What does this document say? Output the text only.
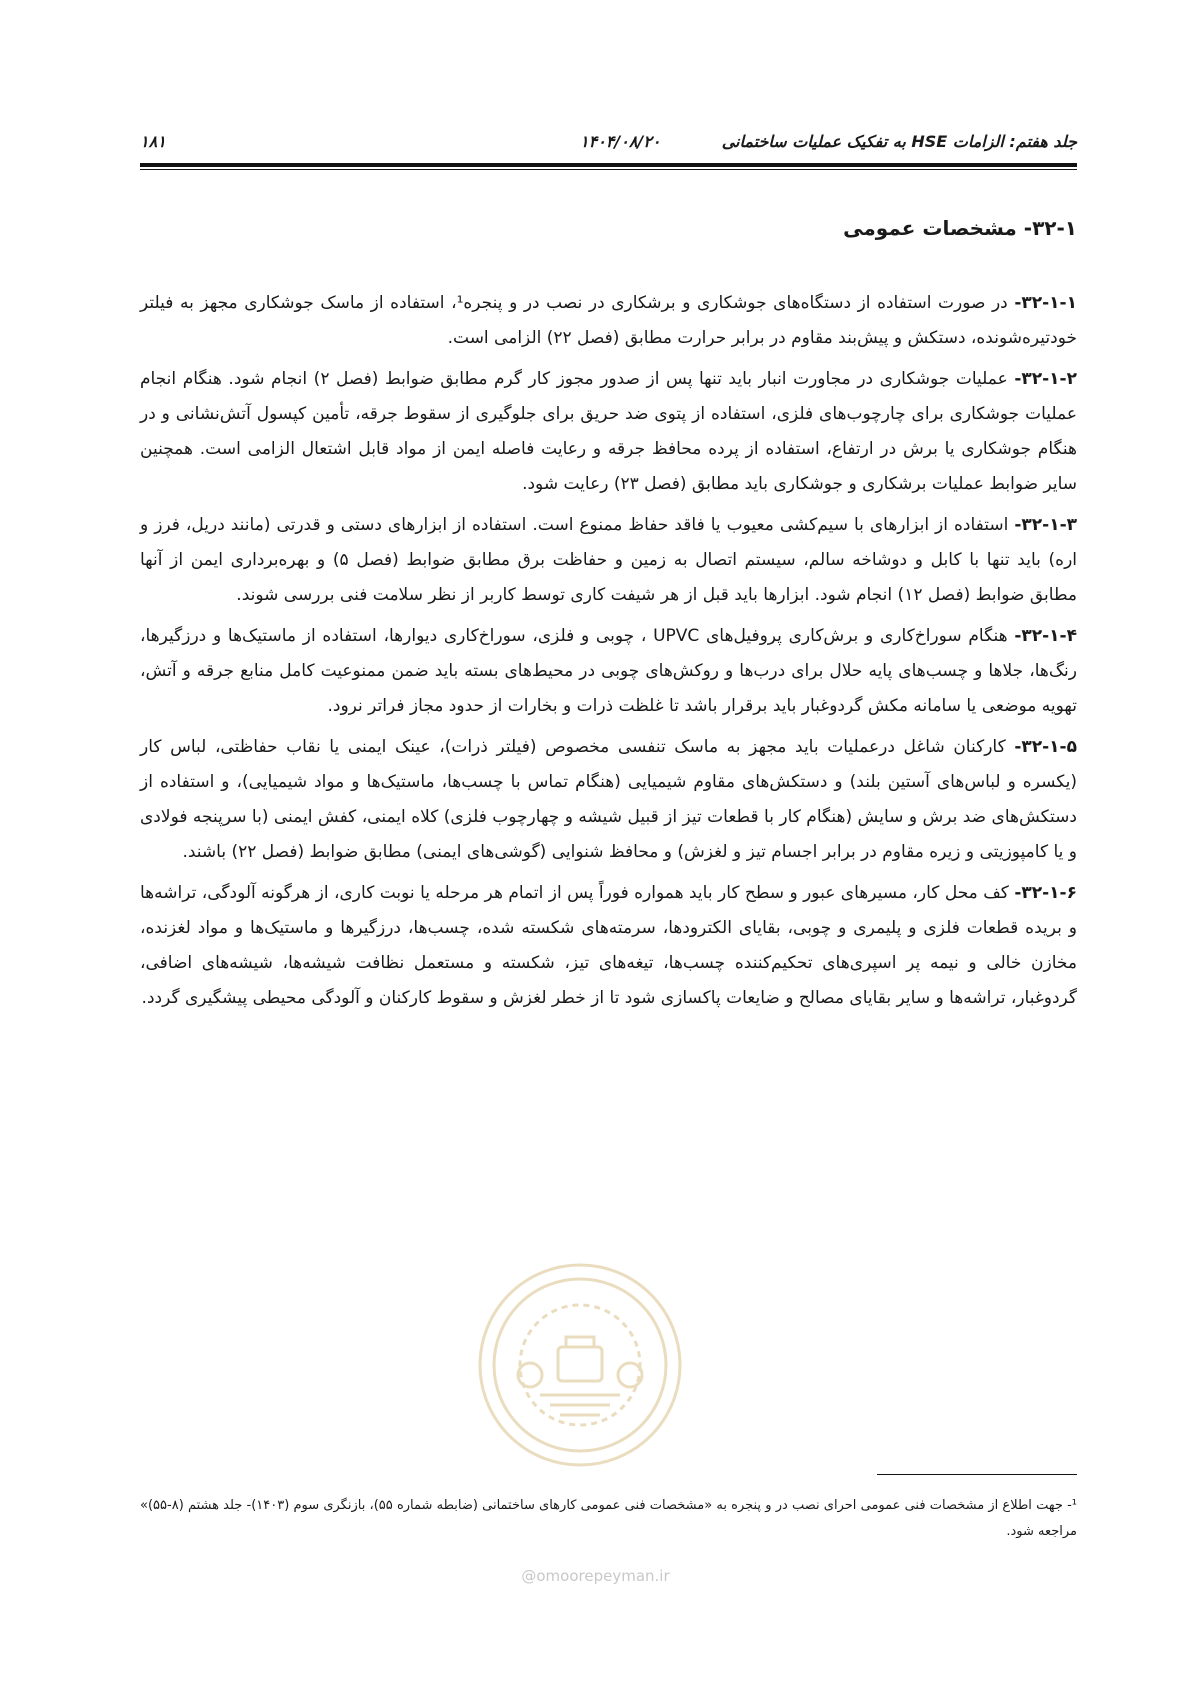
جلد هفتم: الزامات HSE به تفکیک عملیات ساختمانی
۱۴۰۴/۰۸/۲۰
۱۸۱
۳۲-۱- مشخصات عمومی

۳۲-۱-۱- در صورت استفاده از دستگاه‌های جوشکاری و برشکاری در نصب در و پنجره¹، استفاده از ماسک جوشکاری مجهز به فیلتر خودتیره‌شونده، دستکش و پیش‌بند مقاوم در برابر حرارت مطابق (فصل ۲۲) الزامی است.

۳۲-۱-۲- عملیات جوشکاری در مجاورت انبار باید تنها پس از صدور مجوز کار گرم مطابق ضوابط (فصل ۲) انجام شود. هنگام انجام عملیات جوشکاری برای چارچوب‌های فلزی، استفاده از پتوی ضد حریق برای جلوگیری از سقوط جرقه، تأمین کپسول آتش‌نشانی و در هنگام جوشکاری یا برش در ارتفاع، استفاده از پرده محافظ جرقه و رعایت فاصله ایمن از مواد قابل اشتعال الزامی است. همچنین سایر ضوابط عملیات برشکاری و جوشکاری باید مطابق (فصل ۲۳) رعایت شود.

۳۲-۱-۳- استفاده از ابزارهای با سیم‌کشی معیوب یا فاقد حفاظ ممنوع است. استفاده از ابزارهای دستی و قدرتی (مانند دریل، فرز و اره) باید تنها با کابل و دوشاخه سالم، سیستم اتصال به زمین و حفاظت برق مطابق ضوابط (فصل ۵) و بهره‌برداری ایمن از آنها مطابق ضوابط (فصل ۱۲) انجام شود. ابزارها باید قبل از هر شیفت کاری توسط کاربر از نظر سلامت فنی بررسی شوند.

۳۲-۱-۴- هنگام سوراخ‌کاری و برش‌کاری پروفیل‌های UPVC ، چوبی و فلزی، سوراخ‌کاری دیوارها، استفاده از ماستیک‌ها و درزگیرها، رنگ‌ها، جلاها و چسب‌های پایه حلال برای درب‌ها و روکش‌های چوبی در محیط‌های بسته باید ضمن ممنوعیت کامل منابع جرقه و آتش، تهویه موضعی یا سامانه مکش گردوغبار باید برقرار باشد تا غلظت ذرات و بخارات از حدود مجاز فراتر نرود.

۳۲-۱-۵- کارکنان شاغل درعملیات باید مجهز به ماسک تنفسی مخصوص (فیلتر ذرات)، عینک ایمنی یا نقاب حفاظتی، لباس کار (یکسره و لباس‌های آستین بلند) و دستکش‌های مقاوم شیمیایی (هنگام تماس با چسب‌ها، ماستیک‌ها و مواد شیمیایی)، و استفاده از دستکش‌های ضد برش و سایش (هنگام کار با قطعات تیز از قبیل شیشه و چهارچوب فلزی) کلاه ایمنی، کفش ایمنی (با سرپنجه فولادی و یا کامپوزیتی و زیره مقاوم در برابر اجسام تیز و لغزش) و محافظ شنوایی (گوشی‌های ایمنی) مطابق ضوابط (فصل ۲۲) باشند.

۳۲-۱-۶- کف محل کار، مسیرهای عبور و سطح کار باید همواره فوراً پس از اتمام هر مرحله یا نوبت کاری، از هرگونه آلودگی، تراشه‌ها و بریده قطعات فلزی و پلیمری و چوبی، بقایای الکترودها، سرمته‌های شکسته شده، چسب‌ها، درزگیرها و ماستیک‌ها و مواد لغزنده، مخازن خالی و نیمه پر اسپری‌های تحکیم‌کننده چسب‌ها، تیغه‌های تیز، شکسته و مستعمل نظافت شیشه‌ها، شیشه‌های اضافی، گردوغبار، تراشه‌ها و سایر بقایای مصالح و ضایعات پاکسازی شود تا از خطر لغزش و سقوط کارکنان و آلودگی محیطی پیشگیری گردد.

@omoorepeyman.ir
¹- جهت اطلاع از مشخصات فنی عمومی احرای نصب در و پنجره به «مشخصات فنی عمومی کارهای ساختمانی (ضابطه شماره ۵۵)، بازنگری سوم (۱۴۰۳)- جلد هشتم (۸-۵۵)» مراجعه شود.
